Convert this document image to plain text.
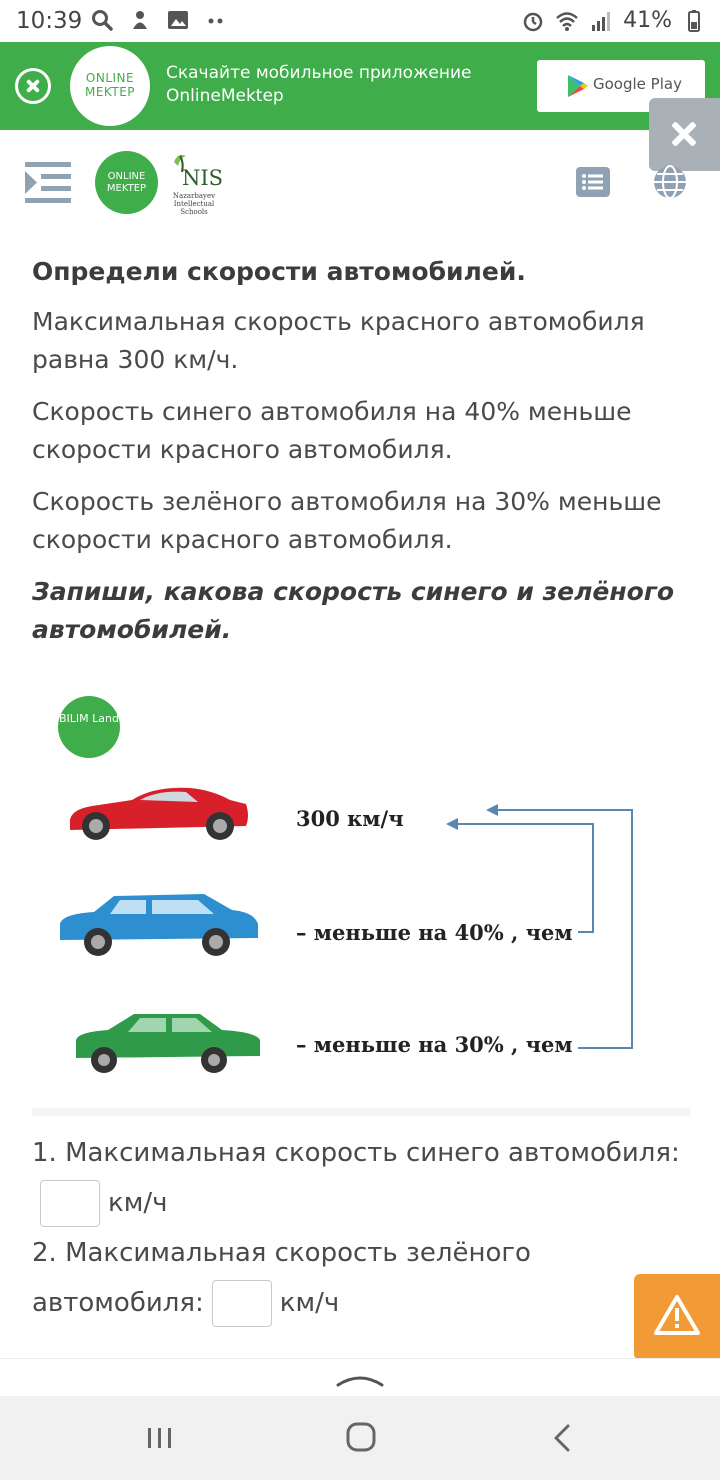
10:39	41%
ONLINE MEKTEP
Скачайте мобильное приложение OnlineMektep
Google Play
ONLINE MEKTEP	NIS
Nazarbayev Intellectual Schools
Определи скорости автомобилей.
Максимальная скорость красного автомобиля равна 300 км/ч.
Скорость синего автомобиля на 40% меньше скорости красного автомобиля.
Скорость зелёного автомобиля на 30% меньше скорости красного автомобиля.
Запиши, какова скорость синего и зелёного автомобилей.
BILIM Land
300 км/ч
– меньше на 40% , чем
– меньше на 30% , чем
1. Максимальная скорость синего автомобиля:
км/ч
2. Максимальная скорость зелёного автомобиля:	км/ч
